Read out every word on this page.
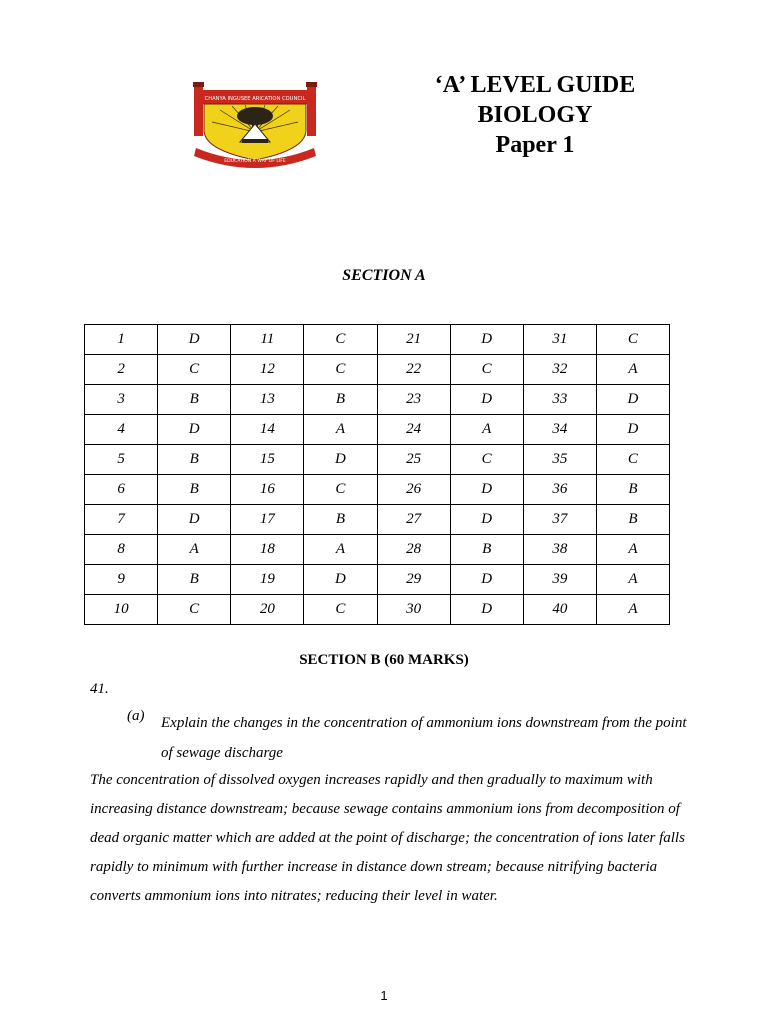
CHANYA INGUSEE ARICATION COUNCIL
EDUCATION A WAY OF LIFE
‘A’ LEVEL GUIDE
BIOLOGY
Paper 1
SECTION A
1	D	11	C	21	D	31	C
2	C	12	C	22	C	32	A
3	B	13	B	23	D	33	D
4	D	14	A	24	A	34	D
5	B	15	D	25	C	35	C
6	B	16	C	26	D	36	B
7	D	17	B	27	D	37	B
8	A	18	A	28	B	38	A
9	B	19	D	29	D	39	A
10	C	20	C	30	D	40	A
SECTION B (60 MARKS)
41.
(a) Explain the changes in the concentration of ammonium ions downstream from the point of sewage discharge
The concentration of dissolved oxygen increases rapidly and then gradually to maximum with increasing distance downstream; because sewage contains ammonium ions from decomposition of dead organic matter which are added at the point of discharge; the concentration of ions later falls rapidly to minimum with further increase in distance down stream; because nitrifying bacteria converts ammonium ions into nitrates; reducing their level in water.
1
